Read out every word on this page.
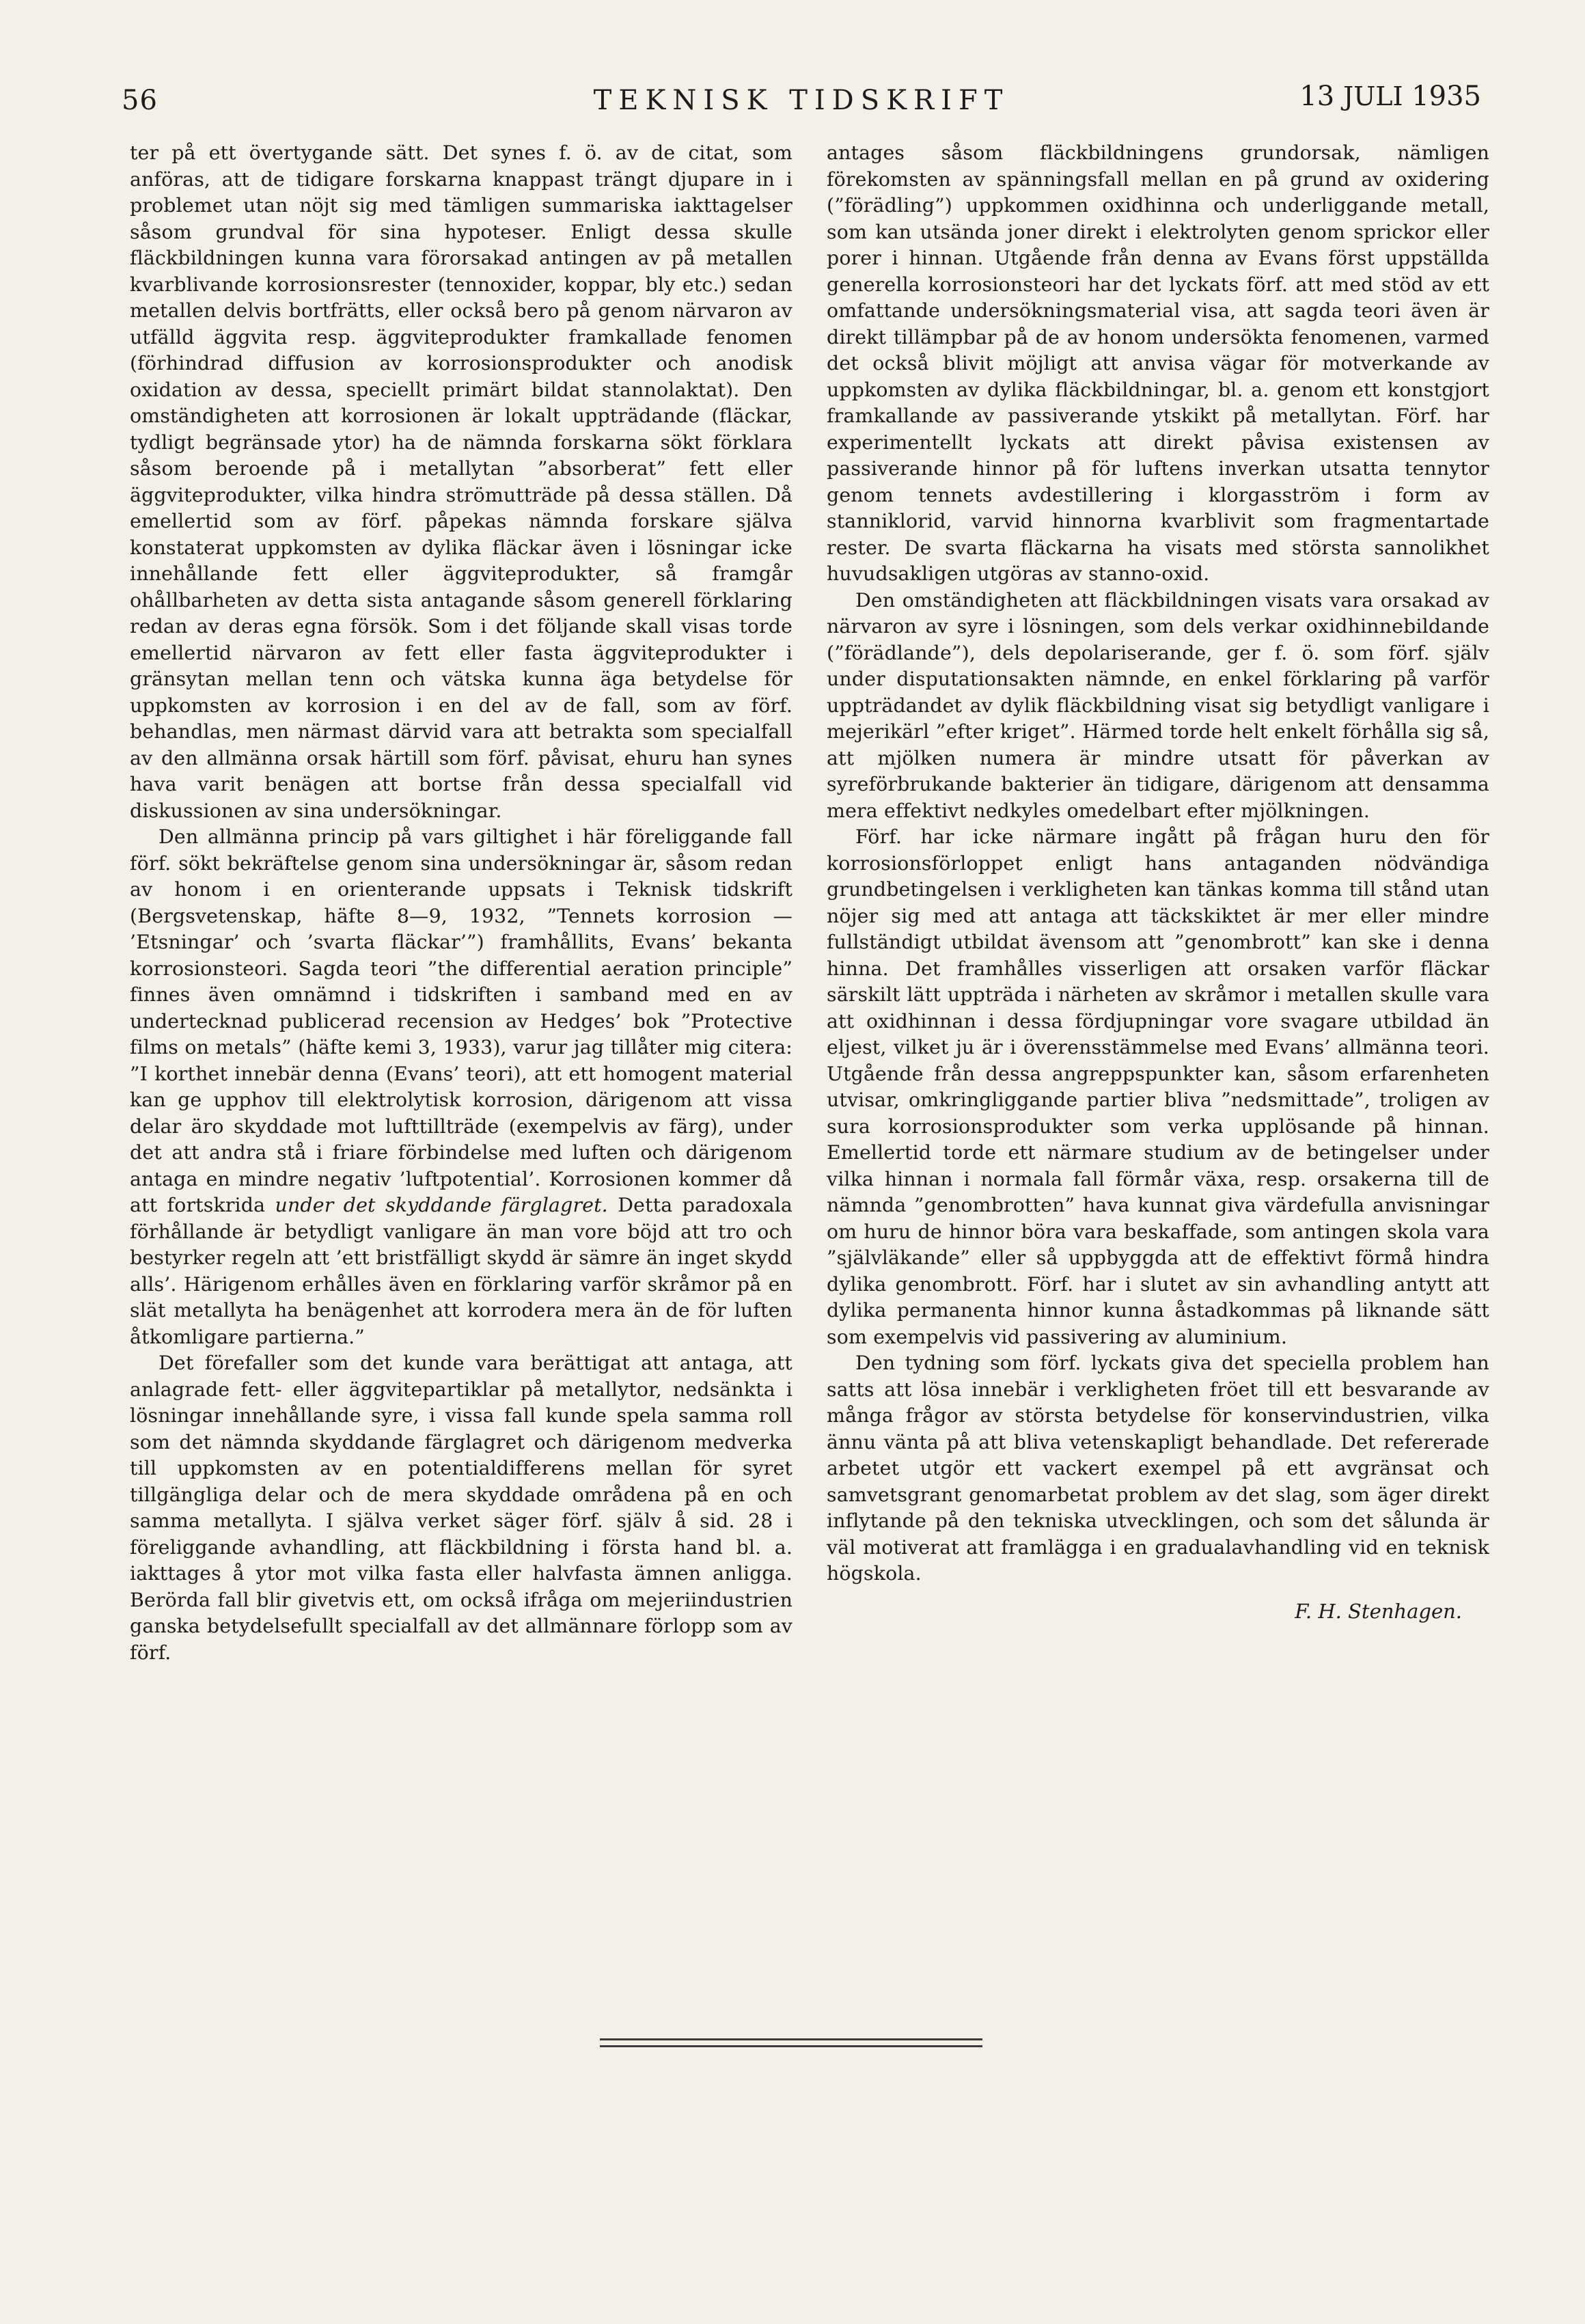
56	TEKNISK TIDSKRIFT	13 JULI 1935

ter på ett övertygande sätt. Det synes f. ö. av de citat, som anföras, att de tidigare forskarna knappast trängt djupare in i problemet utan nöjt sig med tämligen summariska iakttagelser såsom grundval för sina hypoteser. Enligt dessa skulle fläckbildningen kunna vara förorsakad antingen av på metallen kvarblivande korrosionsrester (tennoxider, koppar, bly etc.) sedan metallen delvis bortfrätts, eller också bero på genom närvaron av utfälld äggvita resp. äggviteprodukter framkallade fenomen (förhindrad diffusion av korrosionsprodukter och anodisk oxidation av dessa, speciellt primärt bildat stannolaktat). Den omständigheten att korrosionen är lokalt uppträdande (fläckar, tydligt begränsade ytor) ha de nämnda forskarna sökt förklara såsom beroende på i metallytan ”absorberat” fett eller äggviteprodukter, vilka hindra strömutträde på dessa ställen. Då emellertid som av förf. påpekas nämnda forskare själva konstaterat uppkomsten av dylika fläckar även i lösningar icke innehållande fett eller äggviteprodukter, så framgår ohållbarheten av detta sista antagande såsom generell förklaring redan av deras egna försök. Som i det följande skall visas torde emellertid närvaron av fett eller fasta äggviteprodukter i gränsytan mellan tenn och vätska kunna äga betydelse för uppkomsten av korrosion i en del av de fall, som av förf. behandlas, men närmast därvid vara att betrakta som specialfall av den allmänna orsak härtill som förf. påvisat, ehuru han synes hava varit benägen att bortse från dessa specialfall vid diskussionen av sina undersökningar.

Den allmänna princip på vars giltighet i här föreliggande fall förf. sökt bekräftelse genom sina undersökningar är, såsom redan av honom i en orienterande uppsats i Teknisk tidskrift (Bergsvetenskap, häfte 8—9, 1932, ”Tennets korrosion — ’Etsningar’ och ’svarta fläckar’”) framhållits, Evans’ bekanta korrosionsteori. Sagda teori ”the differential aeration principle” finnes även omnämnd i tidskriften i samband med en av undertecknad publicerad recension av Hedges’ bok ”Protective films on metals” (häfte kemi 3, 1933), varur jag tillåter mig citera: ”I korthet innebär denna (Evans’ teori), att ett homogent material kan ge upphov till elektrolytisk korrosion, därigenom att vissa delar äro skyddade mot lufttillträde (exempelvis av färg), under det att andra stå i friare förbindelse med luften och därigenom antaga en mindre negativ ’luftpotential’. Korrosionen kommer då att fortskrida under det skyddande färglagret. Detta paradoxala förhållande är betydligt vanligare än man vore böjd att tro och bestyrker regeln att ’ett bristfälligt skydd är sämre än inget skydd alls’. Härigenom erhålles även en förklaring varför skråmor på en slät metallyta ha benägenhet att korrodera mera än de för luften åtkomligare partierna.”

Det förefaller som det kunde vara berättigat att antaga, att anlagrade fett- eller äggvitepartiklar på metallytor, nedsänkta i lösningar innehållande syre, i vissa fall kunde spela samma roll som det nämnda skyddande färglagret och därigenom medverka till uppkomsten av en potentialdifferens mellan för syret tillgängliga delar och de mera skyddade områdena på en och samma metallyta. I själva verket säger förf. själv å sid. 28 i föreliggande avhandling, att fläckbildning i första hand bl. a. iakttages å ytor mot vilka fasta eller halvfasta ämnen anligga. Berörda fall blir givetvis ett, om också ifråga om mejeriindustrien ganska betydelsefullt specialfall av det allmännare förlopp som av förf.

antages såsom fläckbildningens grundorsak, nämligen förekomsten av spänningsfall mellan en på grund av oxidering (”förädling”) uppkommen oxidhinna och underliggande metall, som kan utsända joner direkt i elektrolyten genom sprickor eller porer i hinnan. Utgående från denna av Evans först uppställda generella korrosionsteori har det lyckats förf. att med stöd av ett omfattande undersökningsmaterial visa, att sagda teori även är direkt tillämpbar på de av honom undersökta fenomenen, varmed det också blivit möjligt att anvisa vägar för motverkande av uppkomsten av dylika fläckbildningar, bl. a. genom ett konstgjort framkallande av passiverande ytskikt på metallytan. Förf. har experimentellt lyckats att direkt påvisa existensen av passiverande hinnor på för luftens inverkan utsatta tennytor genom tennets avdestillering i klorgasström i form av stanniklorid, varvid hinnorna kvarblivit som fragmentartade rester. De svarta fläckarna ha visats med största sannolikhet huvudsakligen utgöras av stanno-oxid.

Den omständigheten att fläckbildningen visats vara orsakad av närvaron av syre i lösningen, som dels verkar oxidhinnebildande (”förädlande”), dels depolariserande, ger f. ö. som förf. själv under disputationsakten nämnde, en enkel förklaring på varför uppträdandet av dylik fläckbildning visat sig betydligt vanligare i mejerikärl ”efter kriget”. Härmed torde helt enkelt förhålla sig så, att mjölken numera är mindre utsatt för påverkan av syreförbrukande bakterier än tidigare, därigenom att densamma mera effektivt nedkyles omedelbart efter mjölkningen.

Förf. har icke närmare ingått på frågan huru den för korrosionsförloppet enligt hans antaganden nödvändiga grundbetingelsen i verkligheten kan tänkas komma till stånd utan nöjer sig med att antaga att täckskiktet är mer eller mindre fullständigt utbildat ävensom att ”genombrott” kan ske i denna hinna. Det framhålles visserligen att orsaken varför fläckar särskilt lätt uppträda i närheten av skråmor i metallen skulle vara att oxidhinnan i dessa fördjupningar vore svagare utbildad än eljest, vilket ju är i överensstämmelse med Evans’ allmänna teori. Utgående från dessa angreppspunkter kan, såsom erfarenheten utvisar, omkringliggande partier bliva ”nedsmittade”, troligen av sura korrosionsprodukter som verka upplösande på hinnan. Emellertid torde ett närmare studium av de betingelser under vilka hinnan i normala fall förmår växa, resp. orsakerna till de nämnda ”genombrotten” hava kunnat giva värdefulla anvisningar om huru de hinnor böra vara beskaffade, som antingen skola vara ”självläkande” eller så uppbyggda att de effektivt förmå hindra dylika genombrott. Förf. har i slutet av sin avhandling antytt att dylika permanenta hinnor kunna åstadkommas på liknande sätt som exempelvis vid passivering av aluminium.

Den tydning som förf. lyckats giva det speciella problem han satts att lösa innebär i verkligheten fröet till ett besvarande av många frågor av största betydelse för konservindustrien, vilka ännu vänta på att bliva vetenskapligt behandlade. Det refererade arbetet utgör ett vackert exempel på ett avgränsat och samvetsgrant genomarbetat problem av det slag, som äger direkt inflytande på den tekniska utvecklingen, och som det sålunda är väl motiverat att framlägga i en gradualavhandling vid en teknisk högskola.

F. H. Stenhagen.
